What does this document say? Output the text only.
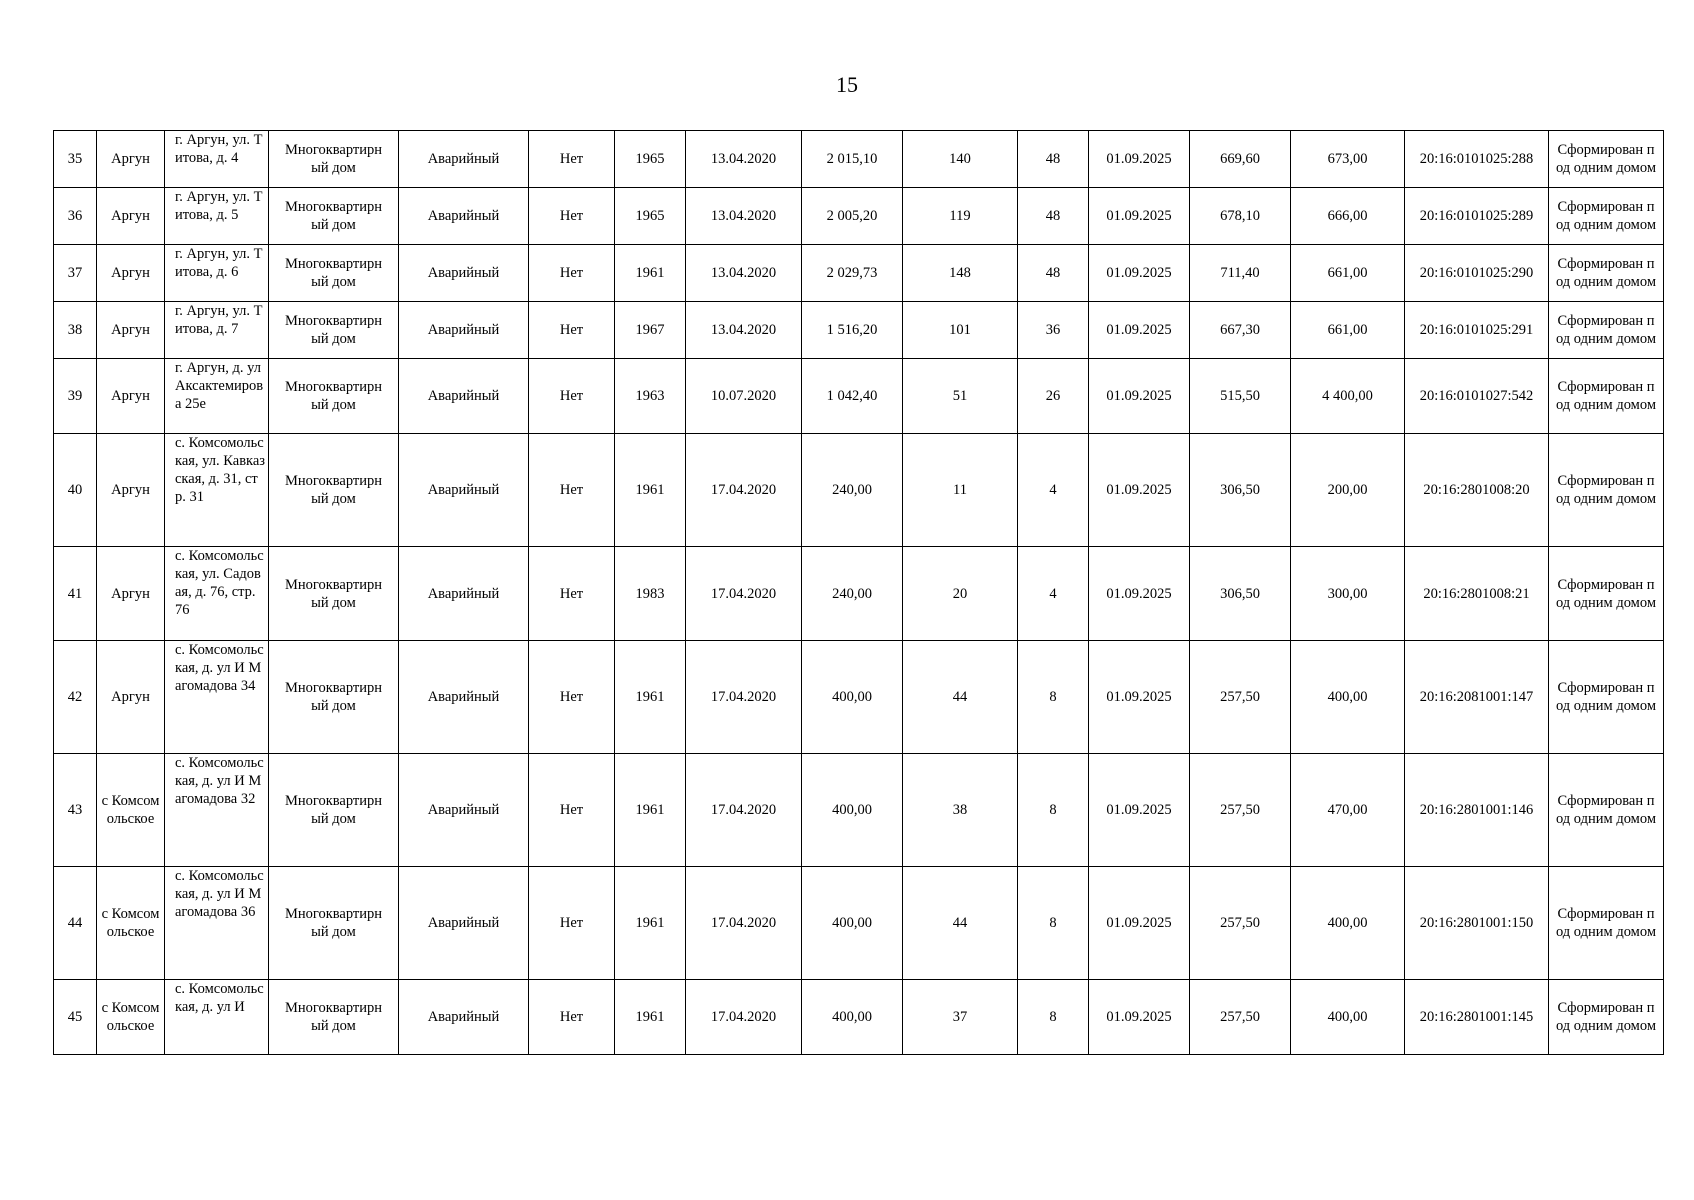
15
35	Аргун	г. Аргун, ул. Титова, д. 4	Многоквартирный дом	Аварийный	Нет	1965	13.04.2020	2 015,10	140	48	01.09.2025	669,60	673,00	20:16:0101025:288	Сформирован под одним домом
36	Аргун	г. Аргун, ул. Титова, д. 5	Многоквартирный дом	Аварийный	Нет	1965	13.04.2020	2 005,20	119	48	01.09.2025	678,10	666,00	20:16:0101025:289	Сформирован под одним домом
37	Аргун	г. Аргун, ул. Титова, д. 6	Многоквартирный дом	Аварийный	Нет	1961	13.04.2020	2 029,73	148	48	01.09.2025	711,40	661,00	20:16:0101025:290	Сформирован под одним домом
38	Аргун	г. Аргун, ул. Титова, д. 7	Многоквартирный дом	Аварийный	Нет	1967	13.04.2020	1 516,20	101	36	01.09.2025	667,30	661,00	20:16:0101025:291	Сформирован под одним домом
39	Аргун	г. Аргун, д. ул Аксактемирова 25е	Многоквартирный дом	Аварийный	Нет	1963	10.07.2020	1 042,40	51	26	01.09.2025	515,50	4 400,00	20:16:0101027:542	Сформирован под одним домом
40	Аргун	с. Комсомольская, ул. Кавказская, д. 31, стр. 31	Многоквартирный дом	Аварийный	Нет	1961	17.04.2020	240,00	11	4	01.09.2025	306,50	200,00	20:16:2801008:20	Сформирован под одним домом
41	Аргун	с. Комсомольская, ул. Садовая, д. 76, стр. 76	Многоквартирный дом	Аварийный	Нет	1983	17.04.2020	240,00	20	4	01.09.2025	306,50	300,00	20:16:2801008:21	Сформирован под одним домом
42	Аргун	с. Комсомольская, д. ул И Магомадова 34	Многоквартирный дом	Аварийный	Нет	1961	17.04.2020	400,00	44	8	01.09.2025	257,50	400,00	20:16:2081001:147	Сформирован под одним домом
43	с Комсомольское	с. Комсомольская, д. ул И Магомадова 32	Многоквартирный дом	Аварийный	Нет	1961	17.04.2020	400,00	38	8	01.09.2025	257,50	470,00	20:16:2801001:146	Сформирован под одним домом
44	с Комсомольское	с. Комсомольская, д. ул И Магомадова 36	Многоквартирный дом	Аварийный	Нет	1961	17.04.2020	400,00	44	8	01.09.2025	257,50	400,00	20:16:2801001:150	Сформирован под одним домом
45	с Комсомольское	с. Комсомольская, д. ул И	Многоквартирный дом	Аварийный	Нет	1961	17.04.2020	400,00	37	8	01.09.2025	257,50	400,00	20:16:2801001:145	Сформирован под одним домом
